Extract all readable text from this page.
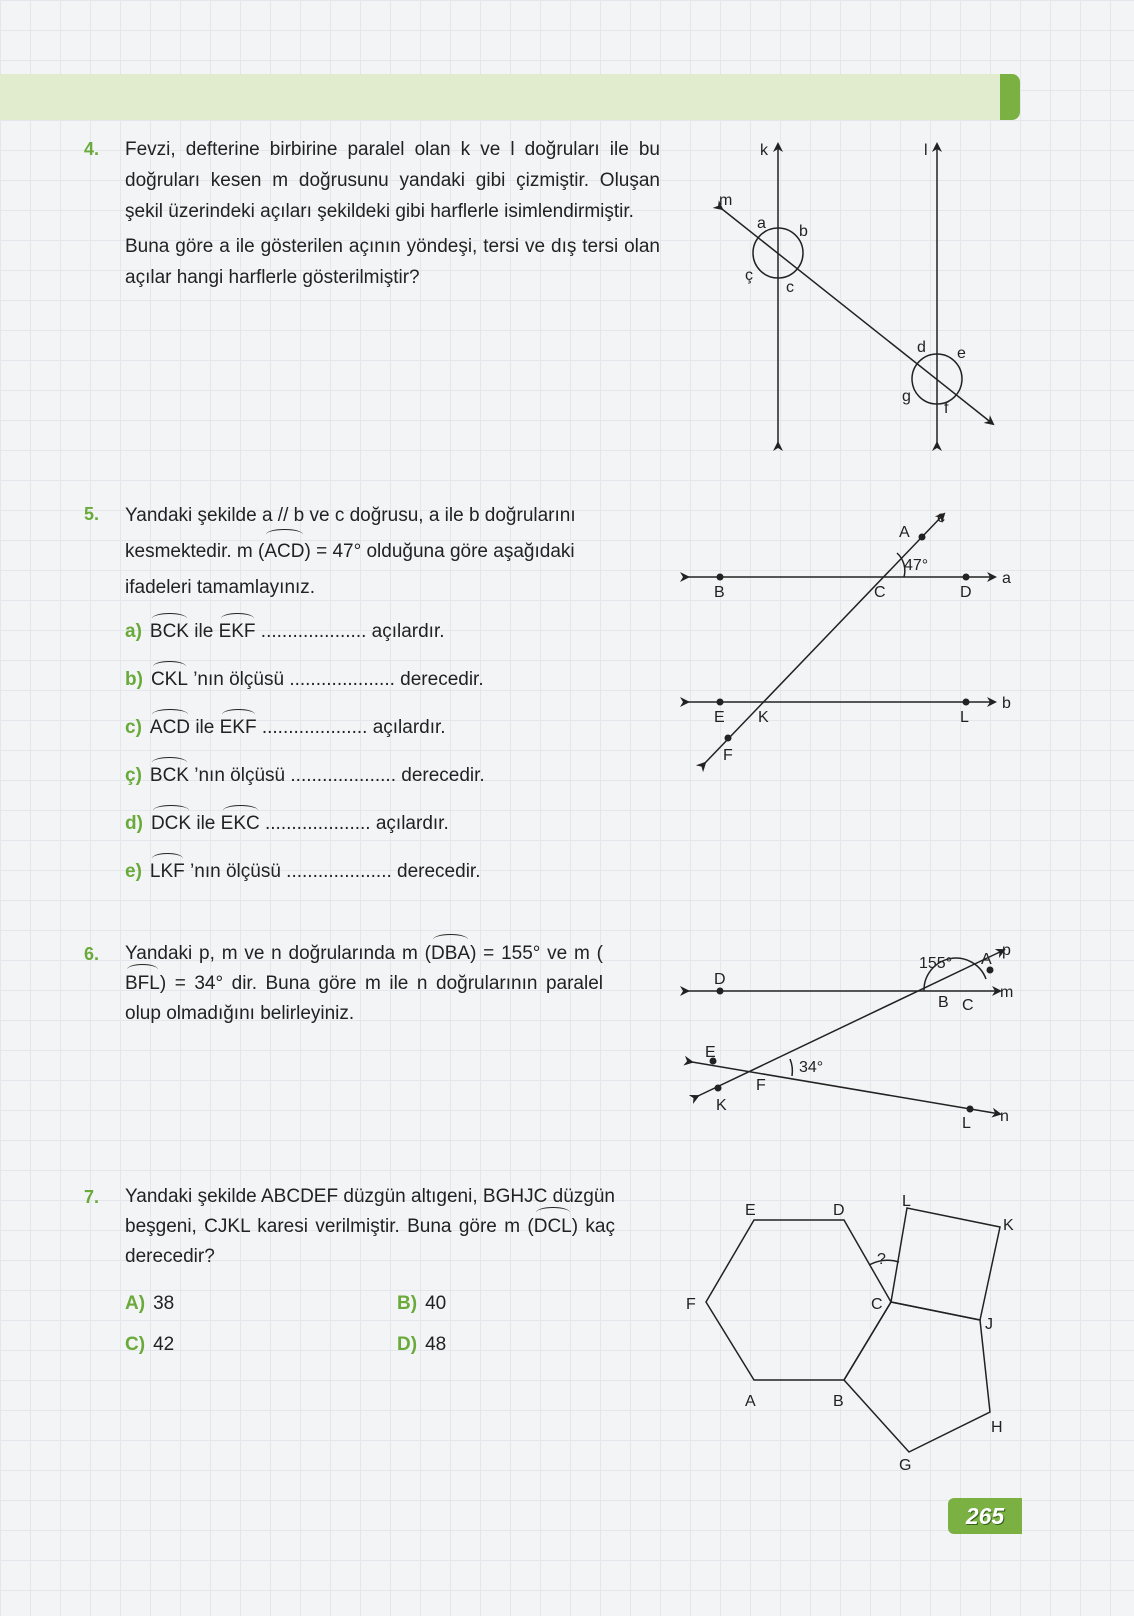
4. Fevzi, defterine birbirine paralel olan k ve l doğruları ile bu doğruları kesen m doğrusunu yandaki gibi çizmiştir. Oluşan şekil üzerindeki açıları şekildeki gibi harflerle isimlendirmiştir.
Buna göre a ile gösterilen açının yöndeşi, tersi ve dış tersi olan açılar hangi harflerle gösterilmiştir?
5. Yandaki şekilde a // b ve c doğrusu, a ile b doğrularını kesmektedir. m (ACD) = 47° olduğuna göre aşağıdaki ifadeleri tamamlayınız.
a) BCK ile EKF .................... açılardır.
b) CKL ’nın ölçüsü .................... derecedir.
c) ACD ile EKF .................... açılardır.
ç) BCK ’nın ölçüsü .................... derecedir.
d) DCK ile EKC .................... açılardır.
e) LKF ’nın ölçüsü .................... derecedir.
6. Yandaki p, m ve n doğrularında m (DBA) = 155° ve m (BFL) = 34° dir. Buna göre m ile n doğrularının paralel olup olmadığını belirleyiniz.
7. Yandaki şekilde ABCDEF düzgün altıgeni, BGHJC düzgün beşgeni, CJKL karesi verilmiştir. Buna göre m (DCL) kaç derecedir?
A) 38	B) 40
C) 42	D) 48
k	l
m
a b
ç
c
d e
g
f
B	C	D
a
b
A
c
47°
E K	L
F
D
155° A
p
B C
m
E
34°
F
K
L n
E	D
L
K
?
F	C
J
A	B
H
G
265
